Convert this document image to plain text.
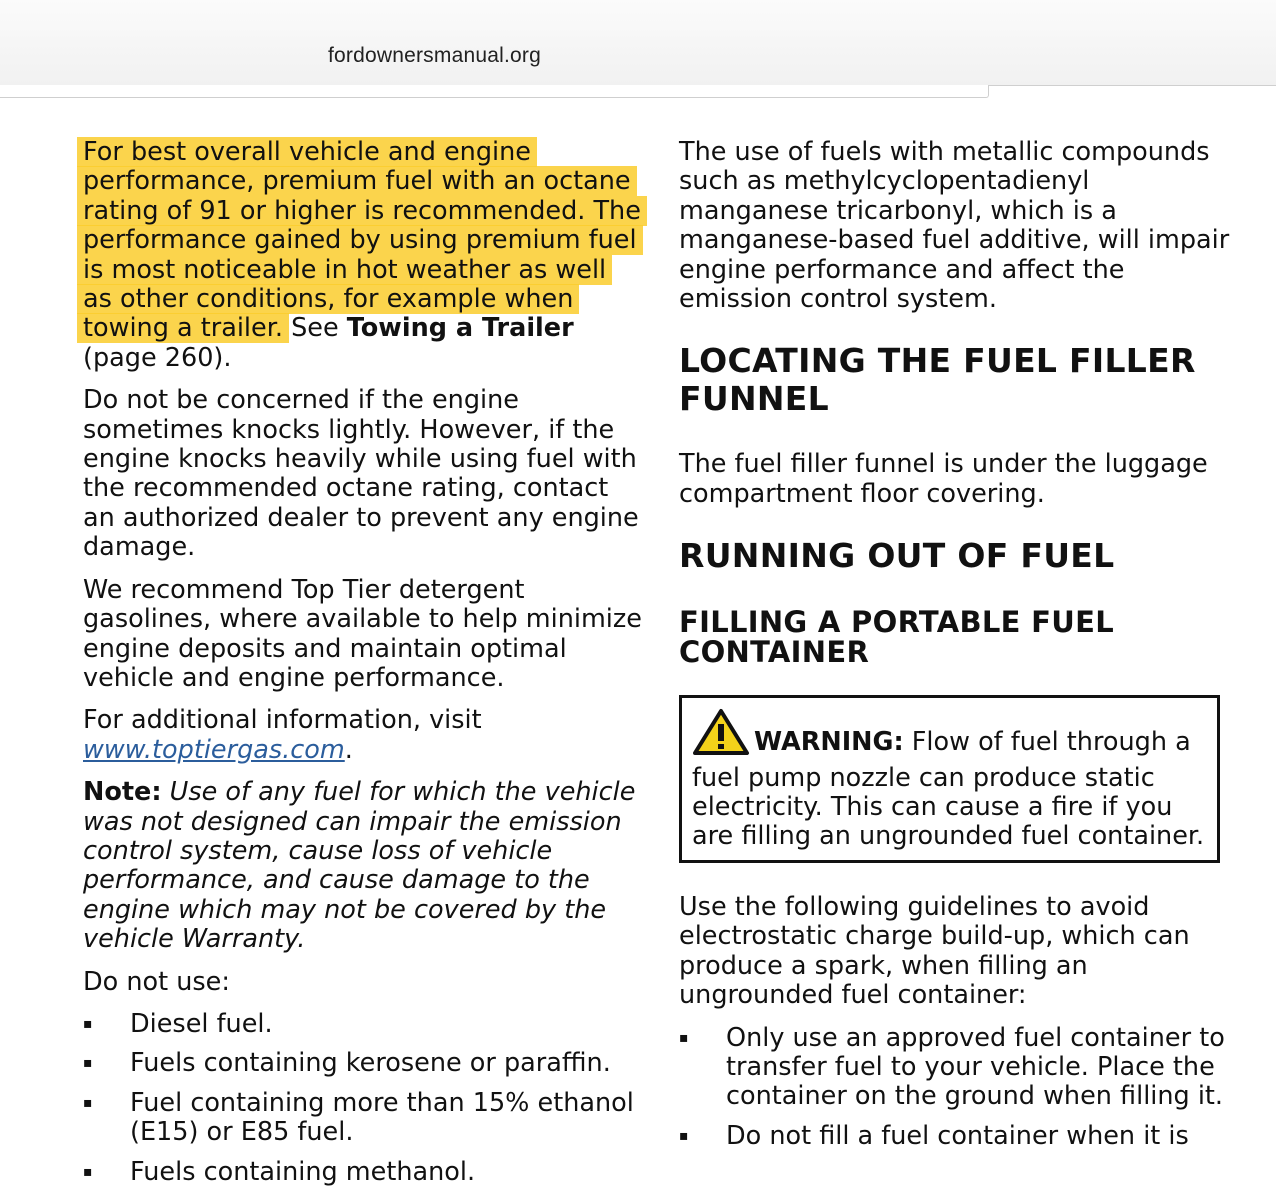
fordownersmanual.org

For best overall vehicle and engine performance, premium fuel with an octane rating of 91 or higher is recommended. The performance gained by using premium fuel is most noticeable in hot weather as well as other conditions, for example when towing a trailer. See Towing a Trailer (page 260).

Do not be concerned if the engine sometimes knocks lightly. However, if the engine knocks heavily while using fuel with the recommended octane rating, contact an authorized dealer to prevent any engine damage.

We recommend Top Tier detergent gasolines, where available to help minimize engine deposits and maintain optimal vehicle and engine performance.

For additional information, visit
www.toptiergas.com.

Note: Use of any fuel for which the vehicle was not designed can impair the emission control system, cause loss of vehicle performance, and cause damage to the engine which may not be covered by the vehicle Warranty.

Do not use:

▪ Diesel fuel.
▪ Fuels containing kerosene or paraffin.
▪ Fuel containing more than 15% ethanol (E15) or E85 fuel.
▪ Fuels containing methanol.

The use of fuels with metallic compounds such as methylcyclopentadienyl manganese tricarbonyl, which is a manganese-based fuel additive, will impair engine performance and affect the emission control system.

LOCATING THE FUEL FILLER FUNNEL

The fuel filler funnel is under the luggage compartment floor covering.

RUNNING OUT OF FUEL
FILLING A PORTABLE FUEL CONTAINER
WARNING: Flow of fuel through a fuel pump nozzle can produce static electricity. This can cause a fire if you are filling an ungrounded fuel container.

Use the following guidelines to avoid electrostatic charge build-up, which can produce a spark, when filling an ungrounded fuel container:

▪ Only use an approved fuel container to transfer fuel to your vehicle. Place the container on the ground when filling it.
▪ Do not fill a fuel container when it is
